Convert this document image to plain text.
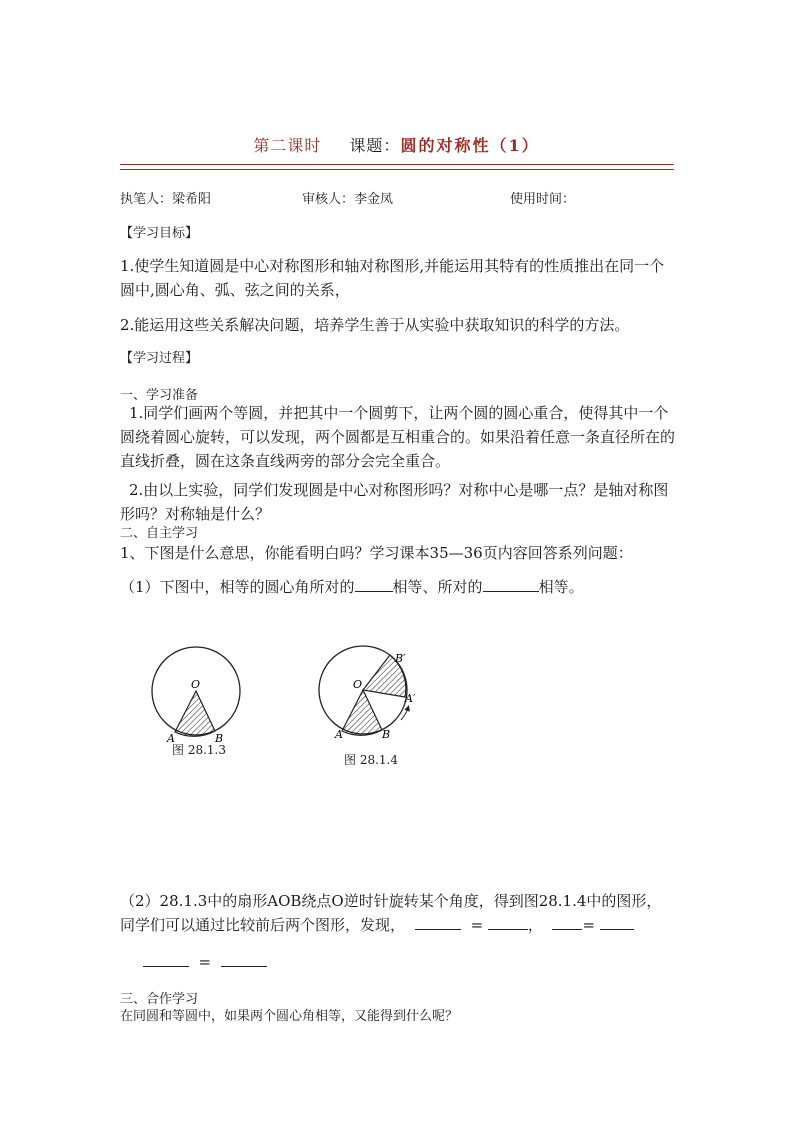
第二课时 课题：圆的对称性（1）
执笔人：梁希阳	审核人：李金凤	使用时间：
【学习目标】
1.使学生知道圆是中心对称图形和轴对称图形,并能运用其特有的性质推出在同一个圆中,圆心角、弧、弦之间的关系，
2.能运用这些关系解决问题，培养学生善于从实验中获取知识的科学的方法。
【学习过程】
一、学习准备
1.同学们画两个等圆，并把其中一个圆剪下，让两个圆的圆心重合，使得其中一个圆绕着圆心旋转，可以发现，两个圆都是互相重合的。如果沿着任意一条直径所在的直线折叠，圆在这条直线两旁的部分会完全重合。
2.由以上实验，同学们发现圆是中心对称图形吗？对称中心是哪一点？是轴对称图形吗？对称轴是什么？
二、自主学习
1、下图是什么意思，你能看明白吗？学习课本35—36页内容回答系列问题：
（1）下图中，相等的圆心角所对的	相等、所对的	相等。
O
A	B
图 28.1.3
O
A	B
A′
B′
图 28.1.4
（2）28.1.3中的扇形AOB绕点O逆时针旋转某个角度，得到图28.1.4中的图形，同学们可以通过比较前后两个图形，发现，	=	，	=
=
三、合作学习
在同圆和等圆中，如果两个圆心角相等，又能得到什么呢？
